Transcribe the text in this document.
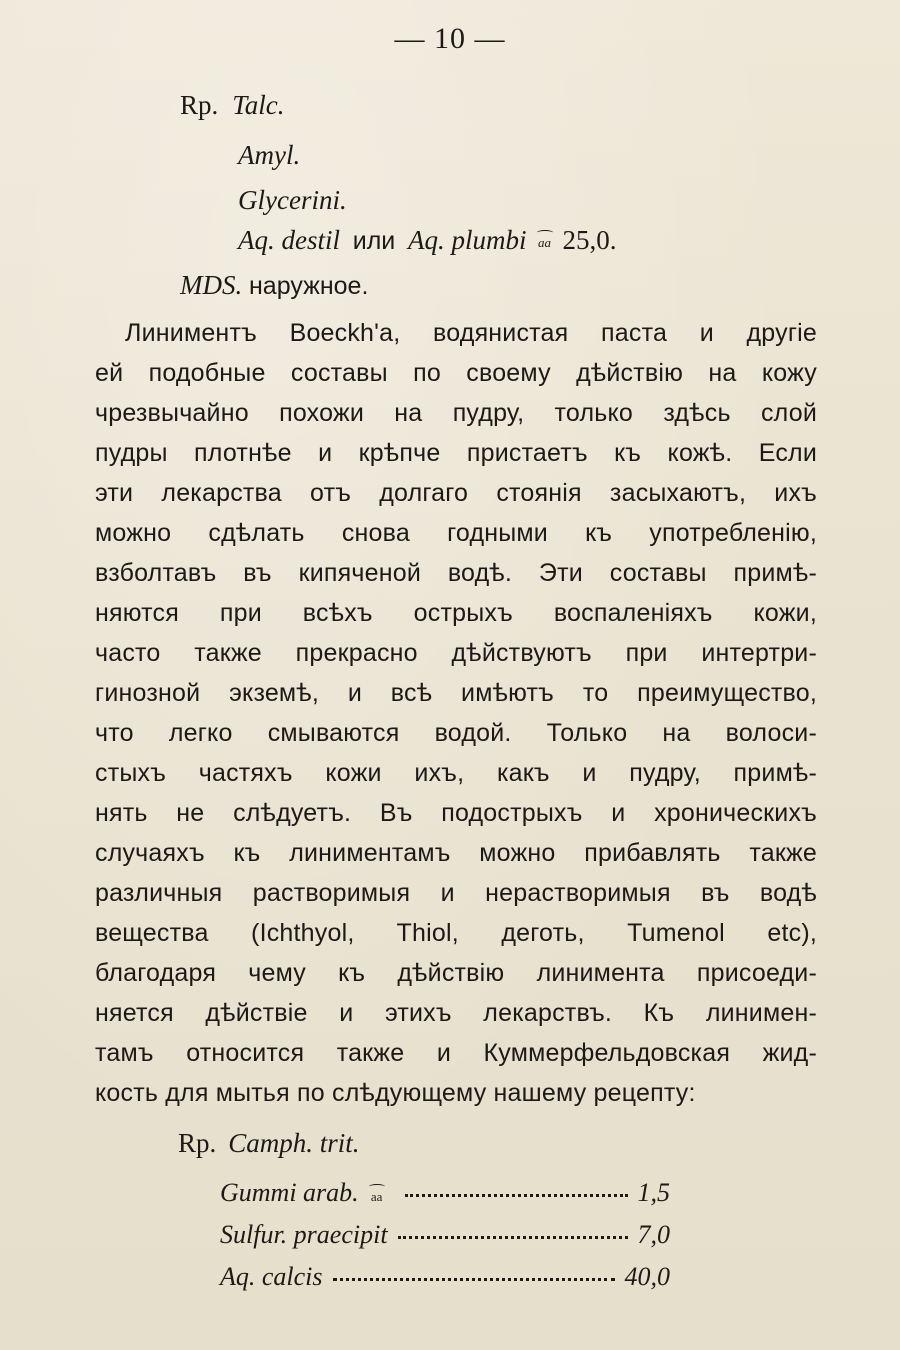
— 10 —
Rp. Talc.
Amyl.
Glycerini.
Aq. destil или Aq. plumbi aa 25,0.
MDS. наружное.
Линиментъ Boeckh'a, водянистая паста и другіе
ей подобные составы по своему дѣйствію на кожу
чрезвычайно похожи на пудру, только здѣсь слой
пудры плотнѣе и крѣпче пристаетъ къ кожѣ. Если
эти лекарства отъ долгаго стоянія засыхаютъ, ихъ
можно сдѣлать снова годными къ употребленію,
взболтавъ въ кипяченой водѣ. Эти составы примѣ-
няются при всѣхъ острыхъ воспаленіяхъ кожи,
часто также прекрасно дѣйствуютъ при интертри-
гинозной экземѣ, и всѣ имѣютъ то преимущество,
что легко смываются водой. Только на волоси-
стыхъ частяхъ кожи ихъ, какъ и пудру, примѣ-
нять не слѣдуетъ. Въ подострыхъ и хроническихъ
случаяхъ къ линиментамъ можно прибавлять также
различныя растворимыя и нерастворимыя въ водѣ
вещества (Ichthyol, Thiol, деготь, Tumenol etc),
благодаря чему къ дѣйствію линимента присоеди-
няется дѣйствіе и этихъ лекарствъ. Къ линимен-
тамъ относится также и Куммерфельдовская жид-
кость для мытья по слѣдующему нашему рецепту:
Rp. Camph. trit.
Gummi arab. aa	1,5
Sulfur. praecipit	7,0
Aq. calcis	40,0
